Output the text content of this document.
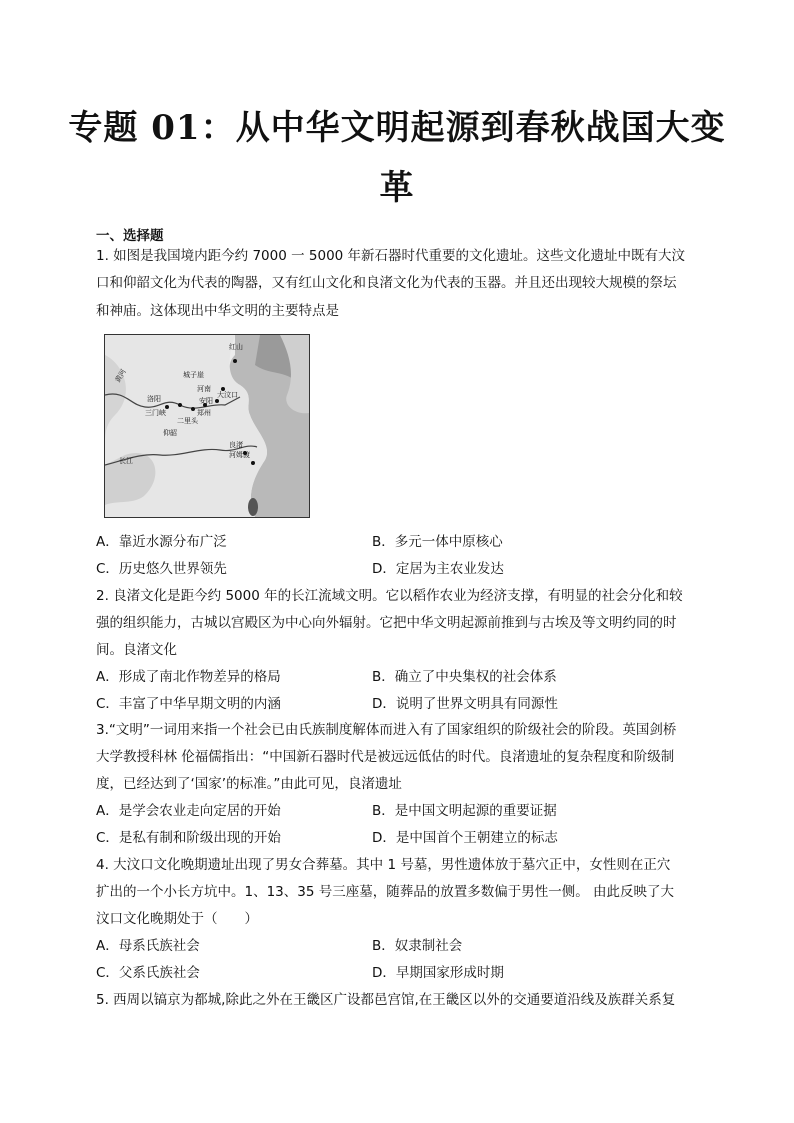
专题 01：从中华文明起源到春秋战国大变
革
一、选择题
1. 如图是我国境内距今约 7000 一 5000 年新石器时代重要的文化遗址。这些文化遗址中既有大汶
口和仰韶文化为代表的陶器，又有红山文化和良渚文化为代表的玉器。并且还出现较大规模的祭坛
和神庙。这体现出中华文明的主要特点是
红山
城子崖
黄河
洛阳
河南
安阳
大汶口
郑州
三门峡
二里头
仰韶
长江
良渚
河姆渡
A．靠近水源分布广泛	B．多元一体中原核心
C．历史悠久世界领先	D．定居为主农业发达
2. 良渚文化是距今约 5000 年的长江流域文明。它以稻作农业为经济支撑，有明显的社会分化和较
强的组织能力，古城以宫殿区为中心向外辐射。它把中华文明起源前推到与古埃及等文明约同的时
间。良渚文化
A．形成了南北作物差异的格局	B．确立了中央集权的社会体系
C．丰富了中华早期文明的内涵	D．说明了世界文明具有同源性
3.“文明”一词用来指一个社会已由氏族制度解体而进入有了国家组织的阶级社会的阶段。英国剑桥
大学教授科林 伦福儒指出：“中国新石器时代是被远远低估的时代。良渚遗址的复杂程度和阶级制
度，已经达到了‘国家’的标准。”由此可见，良渚遗址
A．是学会农业走向定居的开始	B．是中国文明起源的重要证据
C．是私有制和阶级出现的开始	D．是中国首个王朝建立的标志
4. 大汶口文化晚期遗址出现了男女合葬墓。其中 1 号墓，男性遗体放于墓穴正中，女性则在正穴
扩出的一个小长方坑中。1、13、35 号三座墓，随葬品的放置多数偏于男性一侧。 由此反映了大
汶口文化晚期处于（　　）
A．母系氏族社会	B．奴隶制社会
C．父系氏族社会	D．早期国家形成时期
5. 西周以镐京为都城,除此之外在王畿区广设都邑宫馆,在王畿区以外的交通要道沿线及族群关系复
